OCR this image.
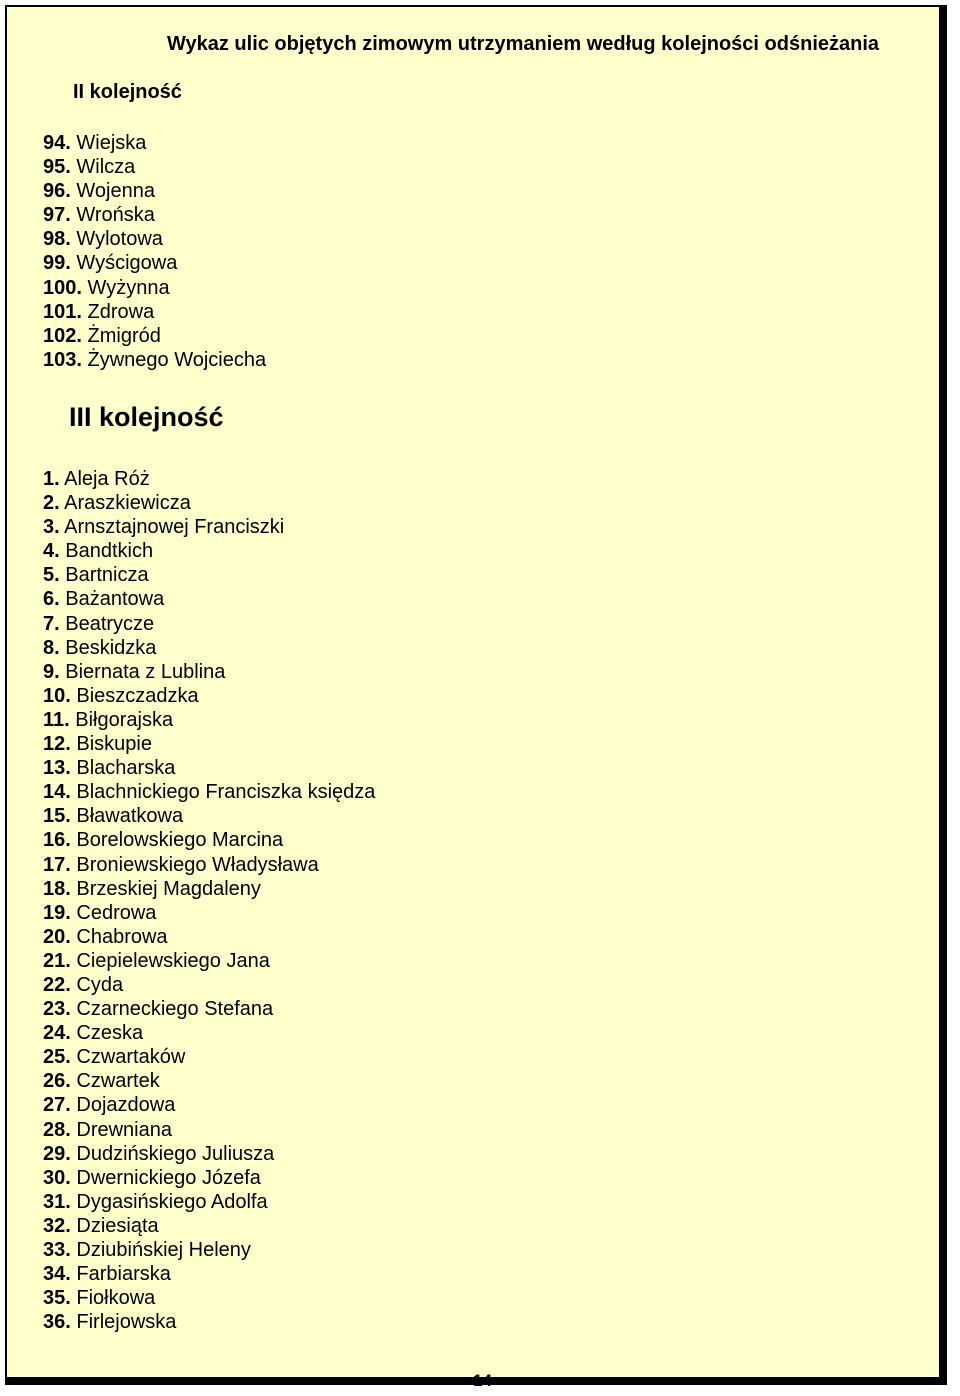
Wykaz ulic objętych zimowym utrzymaniem według kolejności odśnieżania
II kolejność
94. Wiejska
95. Wilcza
96. Wojenna
97. Wrońska
98. Wylotowa
99. Wyścigowa
100. Wyżynna
101. Zdrowa
102. Żmigród
103. Żywnego Wojciecha
III kolejność
1. Aleja Róż
2. Araszkiewicza
3. Arnsztajnowej Franciszki
4. Bandtkich
5. Bartnicza
6. Bażantowa
7. Beatrycze
8. Beskidzka
9. Biernata z Lublina
10. Bieszczadzka
11. Biłgorajska
12. Biskupie
13. Blacharska
14. Blachnickiego Franciszka księdza
15. Bławatkowa
16. Borelowskiego Marcina
17. Broniewskiego Władysława
18. Brzeskiej Magdaleny
19. Cedrowa
20. Chabrowa
21. Ciepielewskiego Jana
22. Cyda
23. Czarneckiego Stefana
24. Czeska
25. Czwartaków
26. Czwartek
27. Dojazdowa
28. Drewniana
29. Dudzińskiego Juliusza
30. Dwernickiego Józefa
31. Dygasińskiego Adolfa
32. Dziesiąta
33. Dziubińskiej Heleny
34. Farbiarska
35. Fiołkowa
36. Firlejowska
14
